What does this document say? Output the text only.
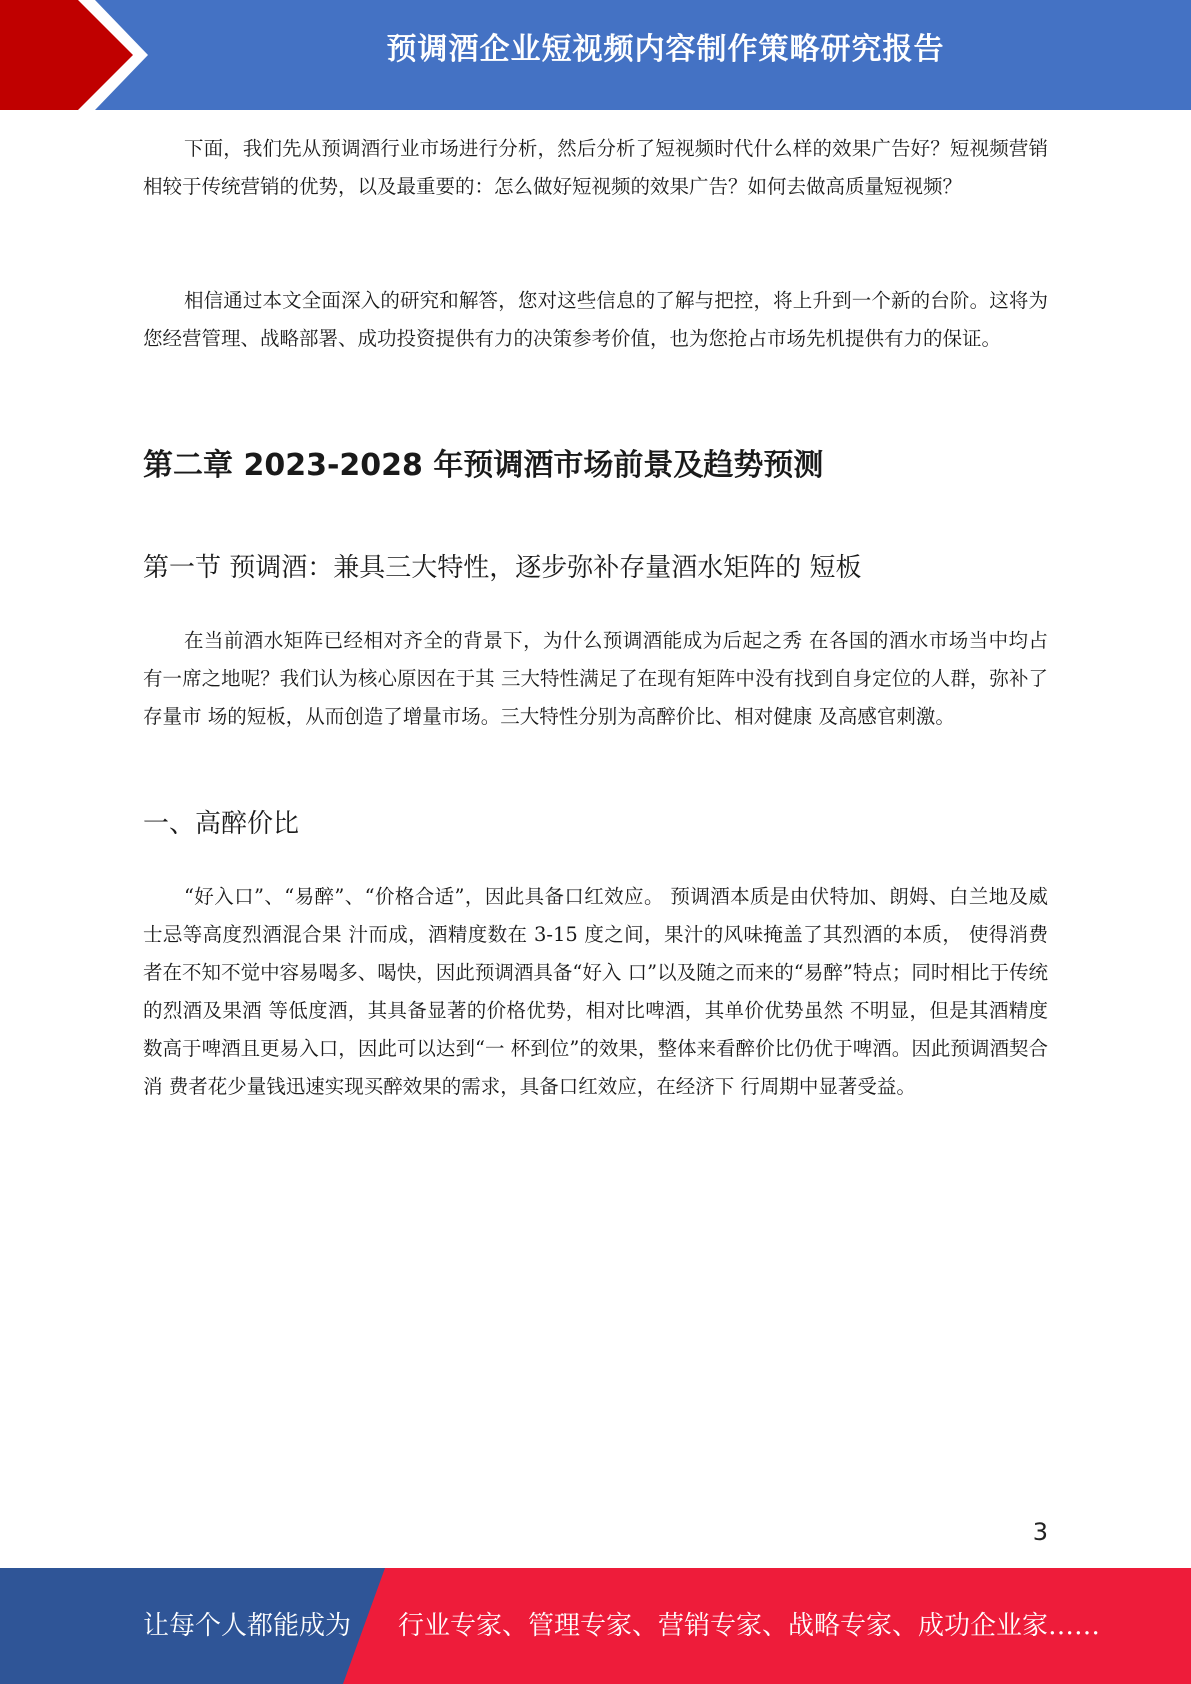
预调酒企业短视频内容制作策略研究报告

下面，我们先从预调酒行业市场进行分析，然后分析了短视频时代什么样的效果广告好？短视频营销相较于传统营销的优势，以及最重要的：怎么做好短视频的效果广告？如何去做高质量短视频？

相信通过本文全面深入的研究和解答，您对这些信息的了解与把控，将上升到一个新的台阶。这将为您经营管理、战略部署、成功投资提供有力的决策参考价值，也为您抢占市场先机提供有力的保证。

第二章 2023-2028 年预调酒市场前景及趋势预测
第一节 预调酒：兼具三大特性，逐步弥补存量酒水矩阵的 短板

在当前酒水矩阵已经相对齐全的背景下，为什么预调酒能成为后起之秀 在各国的酒水市场当中均占有一席之地呢？我们认为核心原因在于其 三大特性满足了在现有矩阵中没有找到自身定位的人群，弥补了存量市 场的短板，从而创造了增量市场。三大特性分别为高醉价比、相对健康 及高感官刺激。

一、高醉价比

“好入口”、“易醉”、“价格合适”，因此具备口红效应。 预调酒本质是由伏特加、朗姆、白兰地及威士忌等高度烈酒混合果 汁而成，酒精度数在 3-15 度之间，果汁的风味掩盖了其烈酒的本质， 使得消费者在不知不觉中容易喝多、喝快，因此预调酒具备“好入 口”以及随之而来的“易醉”特点；同时相比于传统的烈酒及果酒 等低度酒，其具备显著的价格优势，相对比啤酒，其单价优势虽然 不明显，但是其酒精度数高于啤酒且更易入口，因此可以达到“一 杯到位”的效果，整体来看醉价比仍优于啤酒。因此预调酒契合消 费者花少量钱迅速实现买醉效果的需求，具备口红效应，在经济下 行周期中显著受益。

3
让每个人都能成为 行业专家、管理专家、营销专家、战略专家、成功企业家……
